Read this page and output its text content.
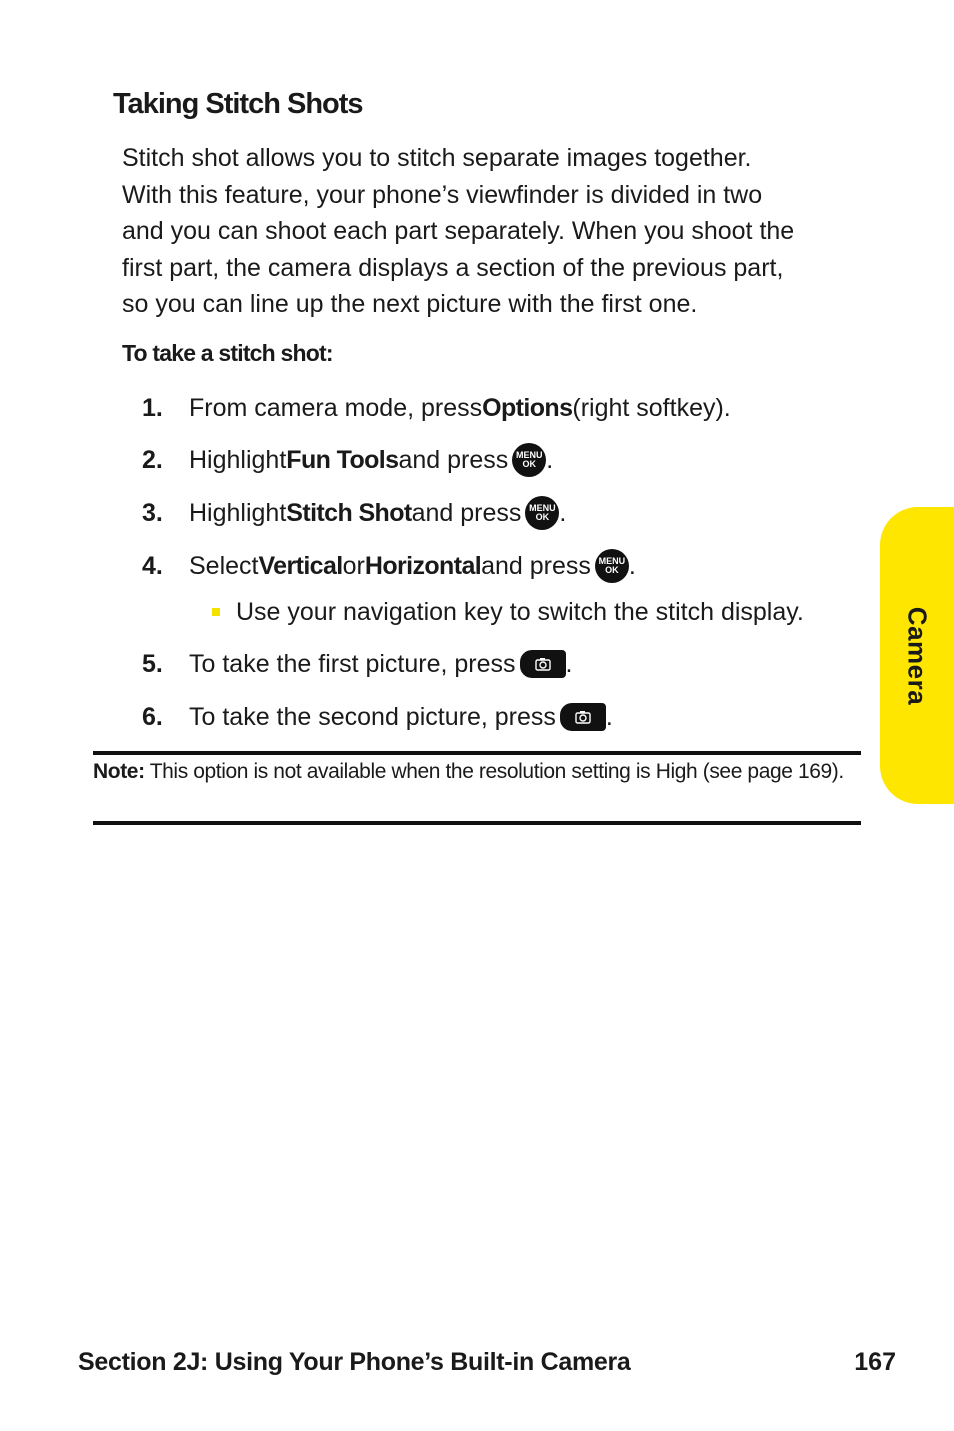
Taking Stitch Shots

Stitch shot allows you to stitch separate images together.
With this feature, your phone’s viewfinder is divided in two
and you can shoot each part separately. When you shoot the
first part, the camera displays a section of the previous part,
so you can line up the next picture with the first one.

To take a stitch shot:
1.	From camera mode, press Options (right softkey).
2.	Highlight Fun Tools and press MENU
OK .
3.	Highlight Stitch Shot and press MENU
OK .
4.	Select Vertical or Horizontal and press MENU
OK .
Use your navigation key to switch the stitch display.
5.	To take the first picture, press .
6.	To take the second picture, press .
Note: This option is not available when the resolution setting is High (see page 169).
Camera
Section 2J: Using Your Phone’s Built-in Camera	167
